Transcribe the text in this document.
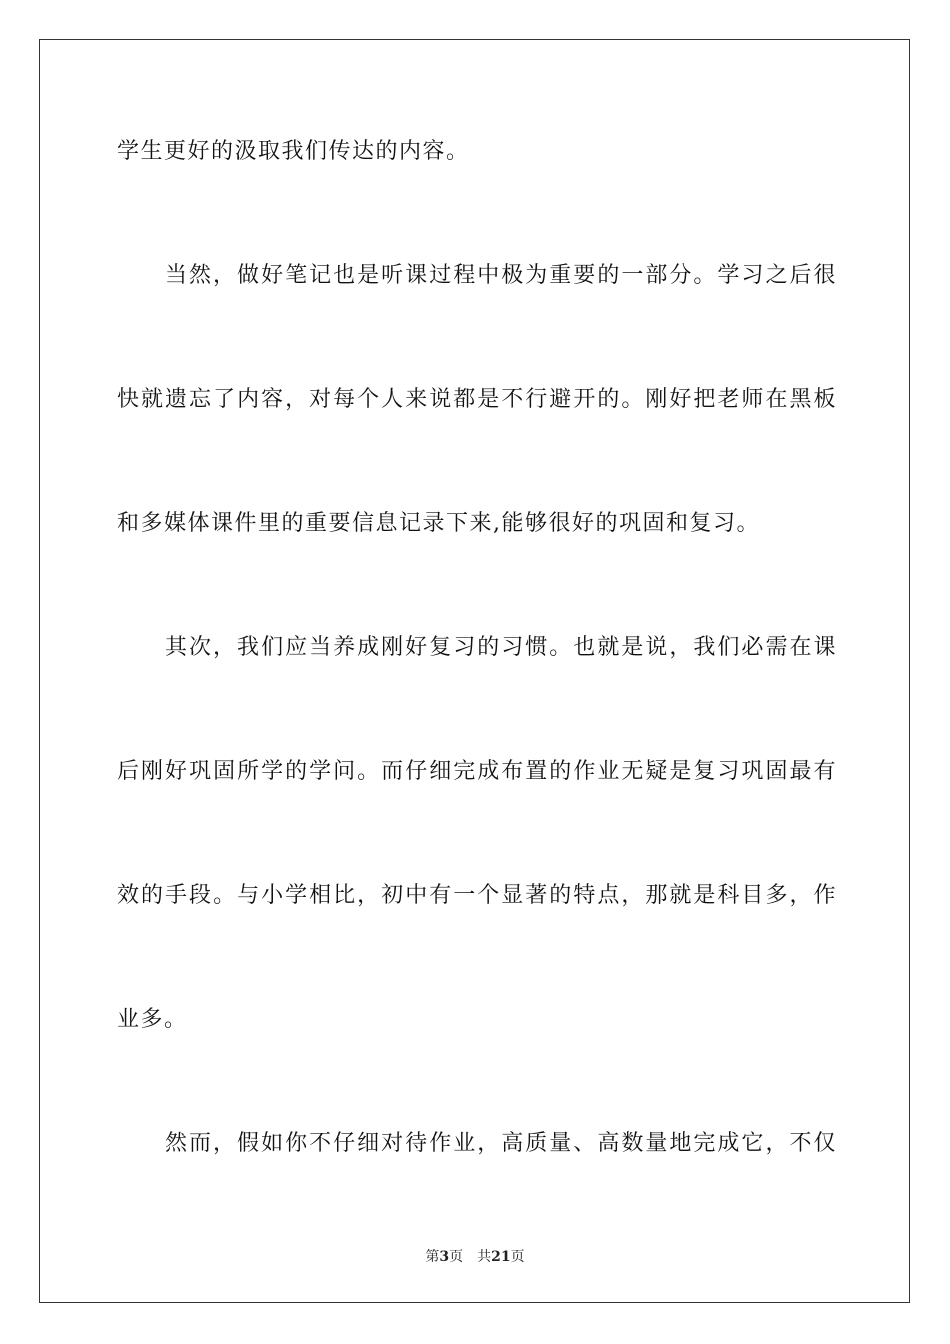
学生更好的汲取我们传达的内容。
当然，做好笔记也是听课过程中极为重要的一部分。学习之后很
快就遗忘了内容，对每个人来说都是不行避开的。刚好把老师在黑板
和多媒体课件里的重要信息记录下来,能够很好的巩固和复习。
其次，我们应当养成刚好复习的习惯。也就是说，我们必需在课
后刚好巩固所学的学问。而仔细完成布置的作业无疑是复习巩固最有
效的手段。与小学相比，初中有一个显著的特点，那就是科目多，作
业多。
然而，假如你不仔细对待作业，高质量、高数量地完成它，不仅
第3页 共21页
